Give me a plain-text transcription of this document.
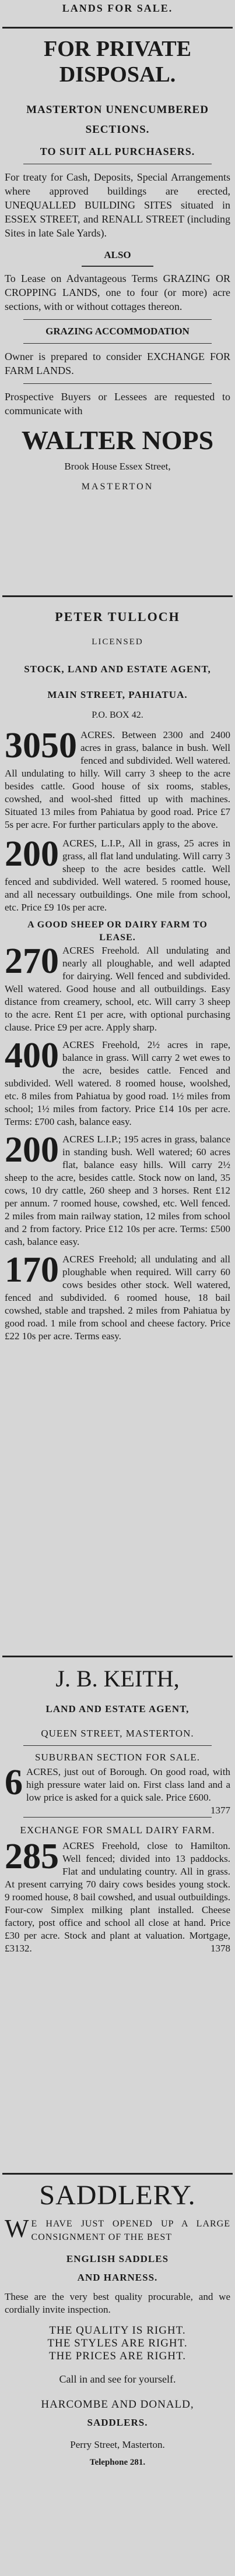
LANDS FOR SALE.
FOR PRIVATE DISPOSAL.
MASTERTON UNENCUMBERED SECTIONS.
TO SUIT ALL PURCHASERS.
For treaty for Cash, Deposits, Special Arrangements where approved buildings are erected, UNEQUALLED BUILDING SITES situated in ESSEX STREET, and RENALL STREET (including Sites in late Sale Yards).
ALSO
To Lease on Advantageous Terms GRAZING OR CROPPING LANDS, one to four (or more) acre sections, with or without cottages thereon.
GRAZING ACCOMMODATION
Owner is prepared to consider EXCHANGE FOR FARM LANDS.
Prospective Buyers or Lessees are requested to communicate with
WALTER NOPS
Brook House Essex Street,
MASTERTON
PETER TULLOCH
LICENSED
STOCK, LAND AND ESTATE AGENT,
MAIN STREET, PAHIATUA.
P.O. BOX 42.
3050 ACRES. Between 2300 and 2400 acres in grass, balance in bush. Well fenced and subdivided. Well watered. All undulating to hilly. Will carry 3 sheep to the acre besides cattle. Good house of six rooms, stables, cowshed, and wool-shed fitted up with machines. Situated 13 miles from Pahiatua by good road. Price £7 5s per acre. For further particulars apply to the above.
200 ACRES, L.I.P., All in grass, 25 acres in grass, all flat land undulating. Will carry 3 sheep to the acre besides cattle. Well fenced and subdivided. Well watered. 5 roomed house, and all necessary outbuildings. One mile from school, etc. Price £9 10s per acre.
A GOOD SHEEP OR DAIRY FARM TO LEASE.
270 ACRES Freehold. All undulating and nearly all ploughable, and well adapted for dairying. Well fenced and subdivided. Well watered. Good house and all outbuildings. Easy distance from creamery, school, etc. Will carry 3 sheep to the acre. Rent £1 per acre, with optional purchasing clause. Price £9 per acre. Apply sharp.
400 ACRES Freehold, 2½ acres in rape, balance in grass. Will carry 2 wet ewes to the acre, besides cattle. Fenced and subdivided. Well watered. 8 roomed house, woolshed, etc. 8 miles from Pahiatua by good road. 1½ miles from school; 1½ miles from factory. Price £14 10s per acre. Terms: £700 cash, balance easy.
200 ACRES L.I.P.; 195 acres in grass, balance in standing bush. Well watered; 60 acres flat, balance easy hills. Will carry 2½ sheep to the acre, besides cattle. Stock now on land, 35 cows, 10 dry cattle, 260 sheep and 3 horses. Rent £12 per annum. 7 roomed house, cowshed, etc. Well fenced. 2 miles from main railway station, 12 miles from school and 2 from factory. Price £12 10s per acre. Terms: £500 cash, balance easy.
170 ACRES Freehold; all undulating and all ploughable when required. Will carry 60 cows besides other stock. Well watered, fenced and subdivided. 6 roomed house, 18 bail cowshed, stable and trapshed. 2 miles from Pahiatua by good road. 1 mile from school and cheese factory. Price £22 10s per acre. Terms easy.
J. B. KEITH,
LAND AND ESTATE AGENT,
QUEEN STREET, MASTERTON.
SUBURBAN SECTION FOR SALE.
6 ACRES, just out of Borough. On good road, with high pressure water laid on. First class land and a low price is asked for a quick sale. Price £600.
1377
EXCHANGE FOR SMALL DAIRY FARM.
285 ACRES Freehold, close to Hamilton. Well fenced; divided into 13 paddocks. Flat and undulating country. All in grass. At present carrying 70 dairy cows besides young stock. 9 roomed house, 8 bail cowshed, and usual outbuildings. Four-cow Simplex milking plant installed. Cheese factory, post office and school all close at hand. Price £30 per acre. Stock and plant at valuation. Mortgage, £3132.	1378
SADDLERY.
W E HAVE JUST OPENED UP A LARGE CONSIGNMENT OF THE BEST
ENGLISH SADDLES
AND HARNESS.
These are the very best quality procurable, and we cordially invite inspection.
THE QUALITY IS RIGHT.
THE STYLES ARE RIGHT.
THE PRICES ARE RIGHT.
Call in and see for yourself.
HARCOMBE AND DONALD,
SADDLERS.
Perry Street, Masterton.
Telephone 281.
